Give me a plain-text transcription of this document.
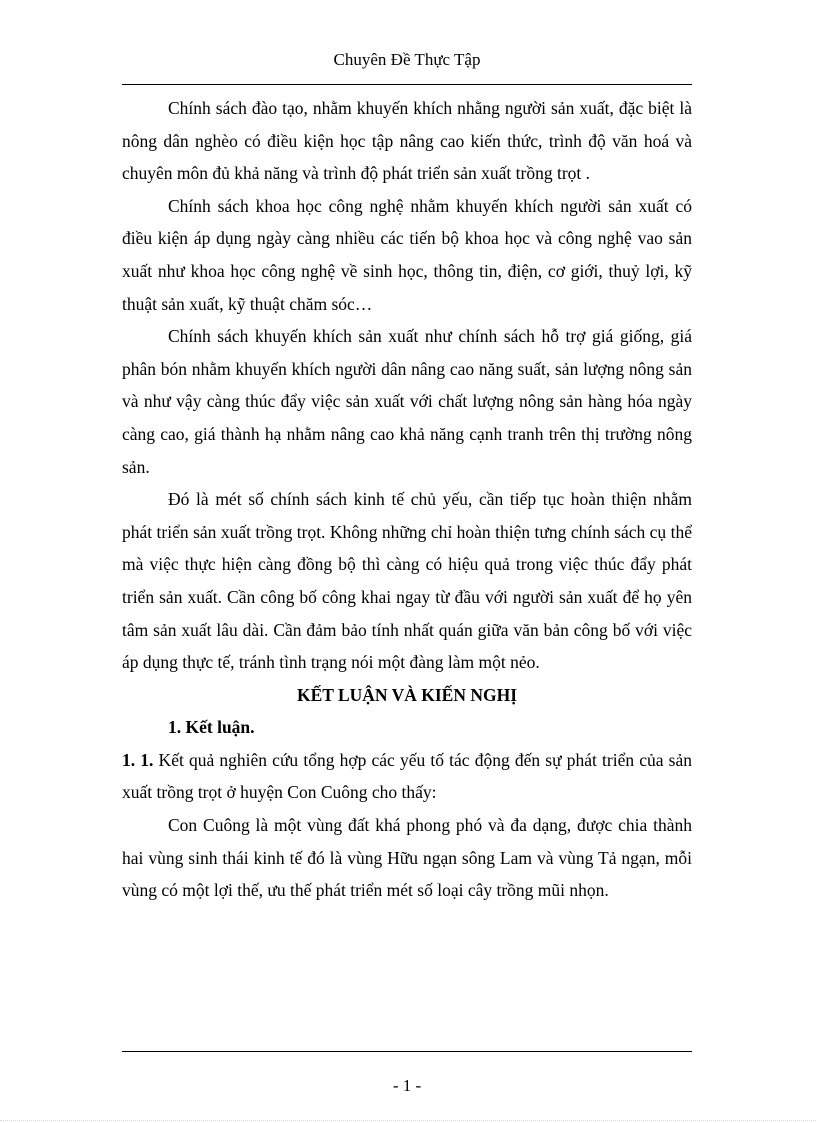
Chuyên Đề Thực Tập

Chính sách đào tạo, nhằm khuyến khích nhằng người sản xuất, đặc biệt là nông dân nghèo có điều kiện học tập nâng cao kiến thức, trình độ văn hoá và chuyên môn đủ khả năng và trình độ phát triển sản xuất trồng trọt .

Chính sách khoa học công nghệ nhằm khuyến khích người sản xuất có điều kiện áp dụng ngày càng nhiều các tiến bộ khoa học và công nghệ vao sản xuất như khoa học công nghệ về sinh học, thông tin, điện, cơ giới, thuỷ lợi, kỹ thuật sản xuất, kỹ thuật chăm sóc…

Chính sách khuyến khích sản xuất như chính sách hỗ trợ giá giống, giá phân bón nhằm khuyến khích người dân nâng cao năng suất, sản lượng nông sản và như vậy càng thúc đẩy việc sản xuất với chất lượng nông sản hàng hóa ngày càng cao, giá thành hạ nhằm nâng cao khả năng cạnh tranh trên thị trường nông sản.

Đó là mét số chính sách kinh tế chủ yếu, cần tiếp tục hoàn thiện nhằm phát triển sản xuất trồng trọt. Không những chỉ hoàn thiện tưng chính sách cụ thể mà việc thực hiện càng đồng bộ thì càng có hiệu quả trong việc thúc đẩy phát triển sản xuất. Cần công bố công khai ngay từ đầu với người sản xuất để họ yên tâm sản xuất lâu dài. Cần đảm bảo tính nhất quán giữa văn bản công bố với việc áp dụng thực tế, tránh tình trạng nói một đàng làm một nẻo.

KẾT LUẬN VÀ KIẾN NGHỊ

1. Kết luận.

1. 1. Kết quả nghiên cứu tổng hợp các yếu tố tác động đến sự phát triển của sản xuất trồng trọt ở huyện Con Cuông cho thấy:

Con Cuông là một vùng đất khá phong phó và đa dạng, được chia thành hai vùng sinh thái kinh tế đó là vùng Hữu ngạn sông Lam và vùng Tả ngạn, mỗi vùng có một lợi thế, ưu thế phát triển mét số loại cây trồng mũi nhọn.

- 1 -
